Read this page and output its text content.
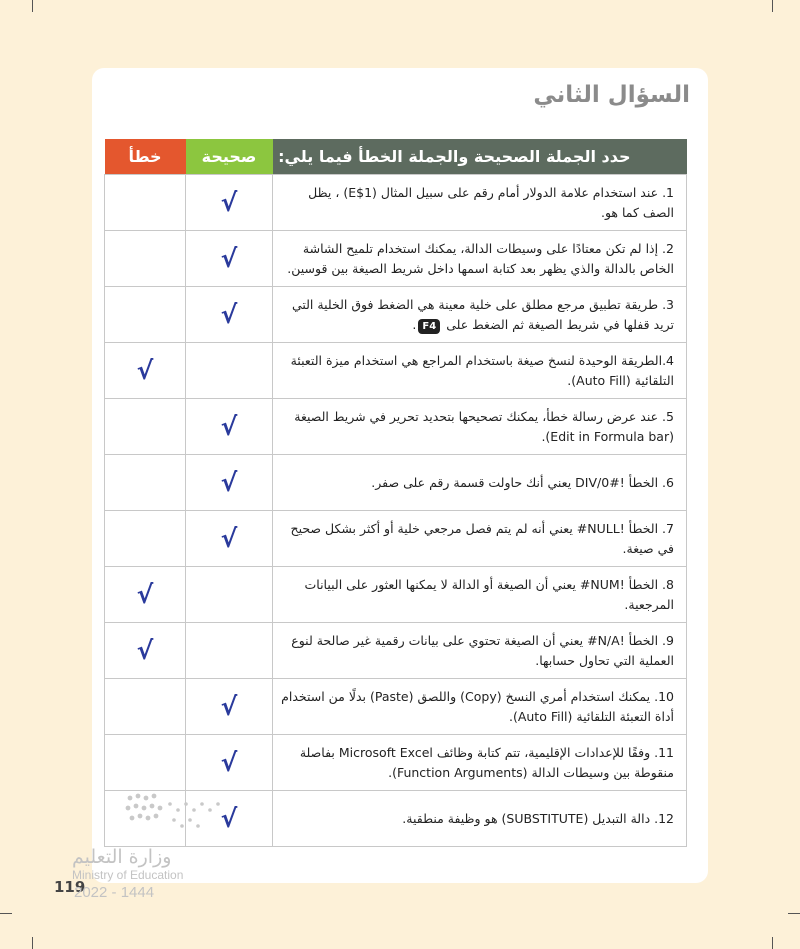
السؤال الثاني
حدد الجملة الصحيحة والجملة الخطأ فيما يلي:	صحيحة	خطأ
1. عند استخدام علامة الدولار أمام رقم على سبيل المثال (E$1) ، يظل الصف كما هو.	√	
2. إذا لم تكن معتادًا على وسيطات الدالة، يمكنك استخدام تلميح الشاشة الخاص بالدالة والذي يظهر بعد كتابة اسمها داخل شريط الصيغة بين قوسين.	√	
3. طريقة تطبيق مرجع مطلق على خلية معينة هي الضغط فوق الخلية التي تريد قفلها في شريط الصيغة ثم الضغط على F4.	√	
4.الطريقة الوحيدة لنسخ صيغة باستخدام المراجع هي استخدام ميزة التعبئة التلقائية (Auto Fill).		√
5. عند عرض رسالة خطأ، يمكنك تصحيحها بتحديد تحرير في شريط الصيغة (Edit in Formula bar).	√	
6. الخطأ !DIV/0# يعني أنك حاولت قسمة رقم على صفر.	√	
7. الخطأ !NULL# يعني أنه لم يتم فصل مرجعي خلية أو أكثر بشكل صحيح في صيغة.	√	
8. الخطأ !NUM# يعني أن الصيغة أو الدالة لا يمكنها العثور على البيانات المرجعية.		√
9. الخطأ !N/A# يعني أن الصيغة تحتوي على بيانات رقمية غير صالحة لنوع العملية التي تحاول حسابها.		√
10. يمكنك استخدام أمري النسخ (Copy) واللصق (Paste) بدلًا من استخدام أداة التعبئة التلقائية (Auto Fill).	√	
11. وفقًا للإعدادات الإقليمية، تتم كتابة وظائف Microsoft Excel بفاصلة منقوطة بين وسيطات الدالة (Function Arguments).	√	
12. دالة التبديل (SUBSTITUTE) هو وظيفة منطقية.	√	
وزارة التعليم
Ministry of Education
119
2022 - 1444
